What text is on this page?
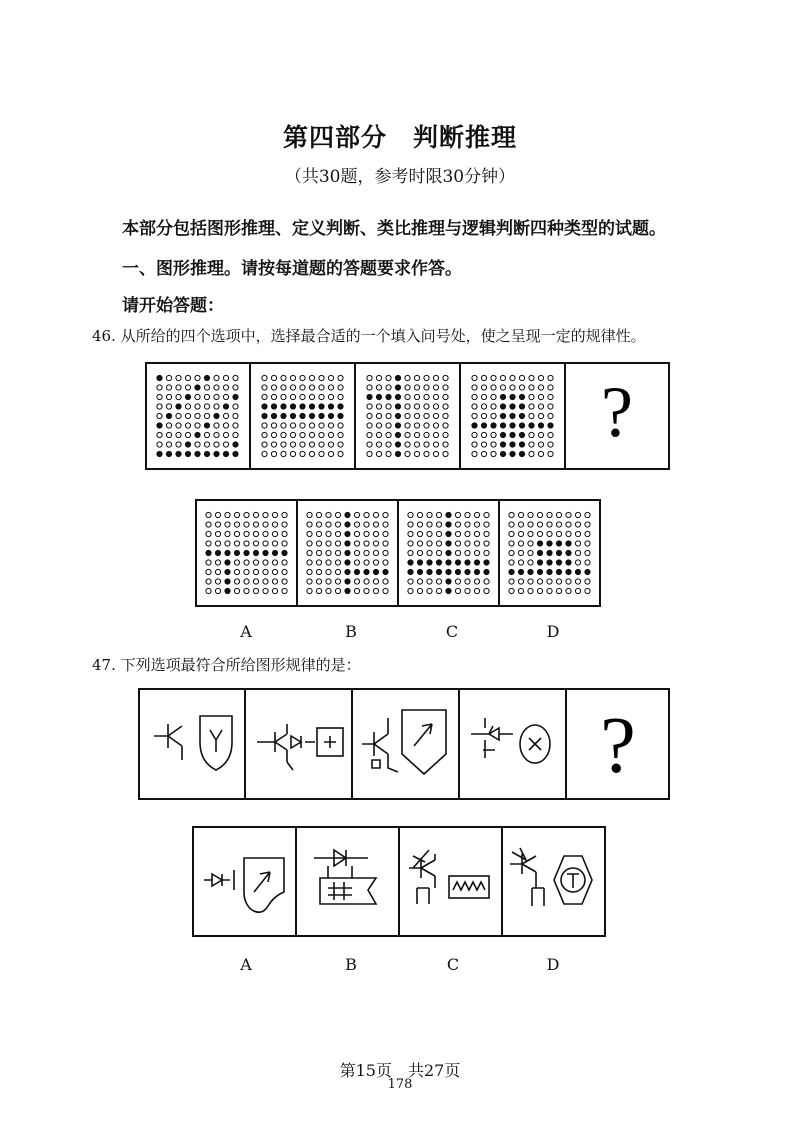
第四部分　判断推理
（共30题，参考时限30分钟）
本部分包括图形推理、定义判断、类比推理与逻辑判断四种类型的试题。
一、图形推理。请按每道题的答题要求作答。
请开始答题：
46. 从所给的四个选项中，选择最合适的一个填入问号处，使之呈现一定的规律性。
?
A	B	C	D
47. 下列选项最符合所给图形规律的是：
?
A	B	C	D
第15页　共27页
178
